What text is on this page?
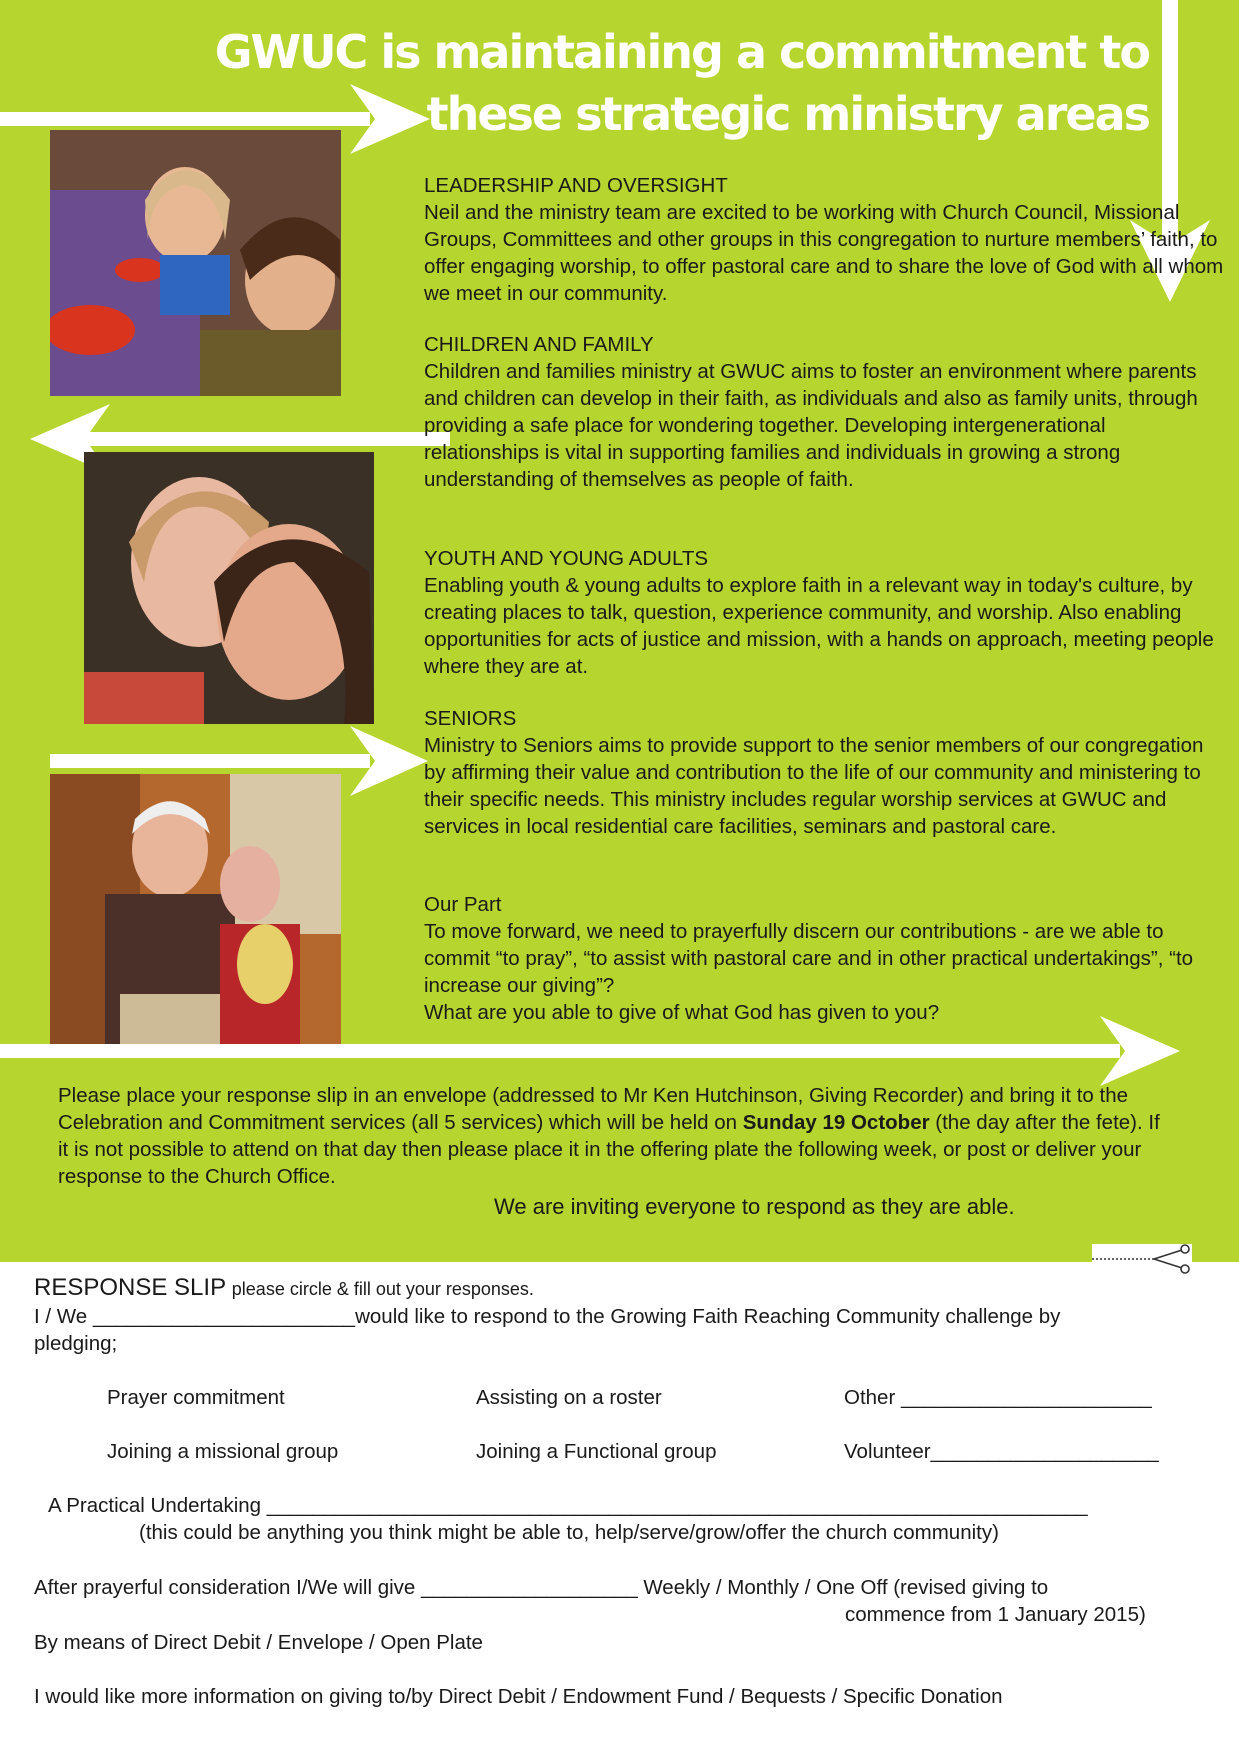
GWUC is maintaining a commitment to
these strategic ministry areas
LEADERSHIP AND OVERSIGHT
Neil and the ministry team are excited to be working with Church Council, Missional Groups, Committees and other groups in this congregation to nurture members’ faith, to offer engaging worship, to offer pastoral care and to share the love of God with all whom we meet in our community.
CHILDREN AND FAMILY
Children and families ministry at GWUC aims to foster an environment where parents and children can develop in their faith, as individuals and also as family units, through providing a safe place for wondering together. Developing intergenerational relationships is vital in supporting families and individuals in growing a strong understanding of themselves as people of faith.
YOUTH AND YOUNG ADULTS
Enabling youth & young adults to explore faith in a relevant way in today's culture, by creating places to talk, question, experience community, and worship. Also enabling opportunities for acts of justice and mission, with a hands on approach, meeting people where they are at.
SENIORS
Ministry to Seniors aims to provide support to the senior members of our congregation by affirming their value and contribution to the life of our community and ministering to their specific needs. This ministry includes regular worship services at GWUC and services in local residential care facilities, seminars and pastoral care.
Our Part
To move forward, we need to prayerfully discern our contributions - are we able to commit “to pray”, “to assist with pastoral care and in other practical undertakings”, “to increase our giving”?
What are you able to give of what God has given to you?
Please place your response slip in an envelope (addressed to Mr Ken Hutchinson, Giving Recorder) and bring it to the Celebration and Commitment services (all 5 services) which will be held on Sunday 19 October (the day after the fete). If it is not possible to attend on that day then please place it in the offering plate the following week, or post or deliver your response to the Church Office.
We are inviting everyone to respond as they are able.
RESPONSE SLIP please circle & fill out your responses.
I / We _______________________would like to respond to the Growing Faith Reaching Community challenge by
pledging;
Prayer commitment	Assisting on a roster	Other ______________________
Joining a missional group	Joining a Functional group	Volunteer____________________
A Practical Undertaking ________________________________________________________________________
(this could be anything you think might be able to, help/serve/grow/offer the church community)
After prayerful consideration I/We will give ___________________ Weekly / Monthly / One Off (revised giving to
commence from 1 January 2015)
By means of Direct Debit / Envelope / Open Plate
I would like more information on giving to/by Direct Debit / Endowment Fund / Bequests / Specific Donation
